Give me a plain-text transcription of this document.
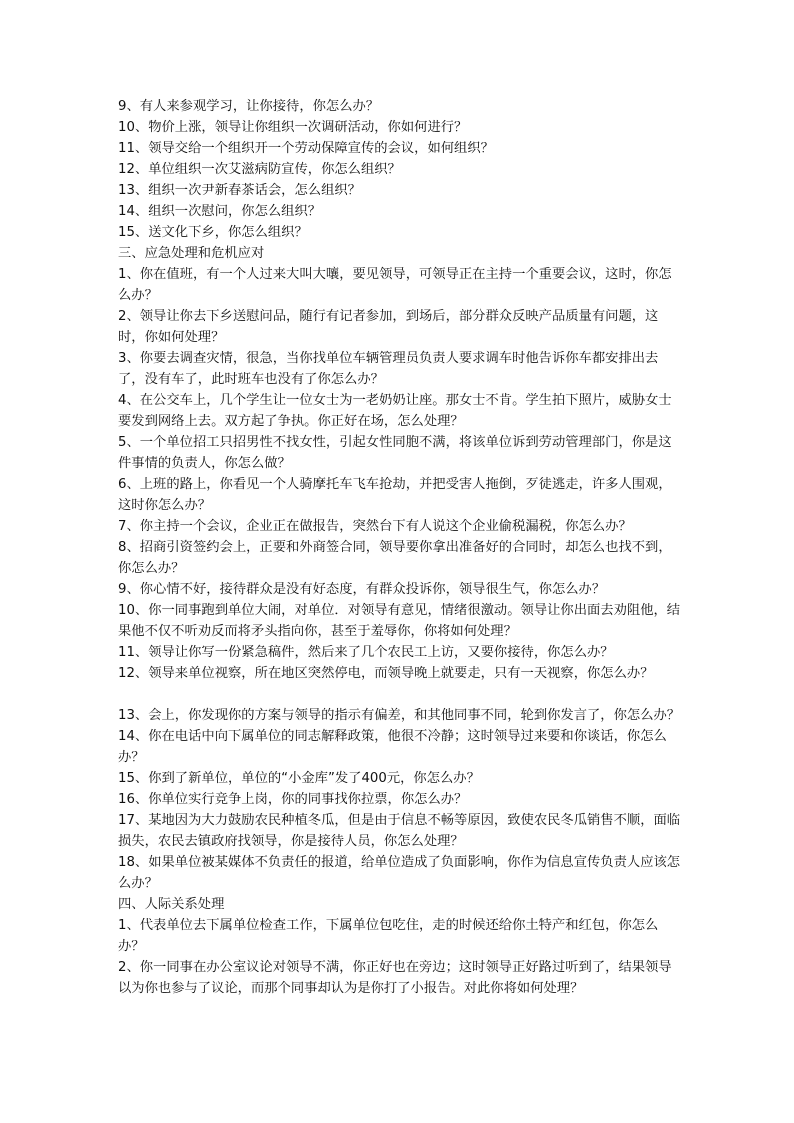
9、有人来参观学习，让你接待，你怎么办？
10、物价上涨，领导让你组织一次调研活动，你如何进行？
11、领导交给一个组织开一个劳动保障宣传的会议，如何组织？
12、单位组织一次艾滋病防宣传，你怎么组织？
13、组织一次尹新春茶话会，怎么组织？
14、组织一次慰问，你怎么组织？
15、送文化下乡，你怎么组织？
三、应急处理和危机应对
1、你在值班，有一个人过来大叫大嚷，要见领导，可领导正在主持一个重要会议，这时，你怎么办？
2、领导让你去下乡送慰问品，随行有记者参加，到场后，部分群众反映产品质量有问题，这时，你如何处理？
3、你要去调查灾情，很急，当你找单位车辆管理员负责人要求调车时他告诉你车都安排出去了，没有车了，此时班车也没有了你怎么办？
4、在公交车上，几个学生让一位女士为一老奶奶让座。那女士不肯。学生拍下照片，威胁女士要发到网络上去。双方起了争执。你正好在场，怎么处理？
5、一个单位招工只招男性不找女性，引起女性同胞不满，将该单位诉到劳动管理部门，你是这件事情的负责人，你怎么做？
6、上班的路上，你看见一个人骑摩托车飞车抢劫，并把受害人拖倒，歹徒逃走，许多人围观，这时你怎么办？
7、你主持一个会议，企业正在做报告，突然台下有人说这个企业偷税漏税，你怎么办？
8、招商引资签约会上，正要和外商签合同，领导要你拿出准备好的合同时，却怎么也找不到，你怎么办？
9、你心情不好，接待群众是没有好态度，有群众投诉你，领导很生气，你怎么办？
10、你一同事跑到单位大闹，对单位．对领导有意见，情绪很激动。领导让你出面去劝阻他，结果他不仅不听劝反而将矛头指向你，甚至于羞辱你，你将如何处理？
11、领导让你写一份紧急稿件，然后来了几个农民工上访，又要你接待，你怎么办？
12、领导来单位视察，所在地区突然停电，而领导晚上就要走，只有一天视察，你怎么办？
13、会上，你发现你的方案与领导的指示有偏差，和其他同事不同，轮到你发言了，你怎么办？
14、你在电话中向下属单位的同志解释政策，他很不冷静；这时领导过来要和你谈话，你怎么办？
15、你到了新单位，单位的“小金库”发了400元，你怎么办？
16、你单位实行竞争上岗，你的同事找你拉票，你怎么办？
17、某地因为大力鼓励农民种植冬瓜，但是由于信息不畅等原因，致使农民冬瓜销售不顺，面临损失，农民去镇政府找领导，你是接待人员，你怎么处理？
18、如果单位被某媒体不负责任的报道，给单位造成了负面影响，你作为信息宣传负责人应该怎么办？
四、人际关系处理
1、代表单位去下属单位检查工作，下属单位包吃住，走的时候还给你土特产和红包，你怎么办？
2、你一同事在办公室议论对领导不满，你正好也在旁边；这时领导正好路过听到了，结果领导以为你也参与了议论，而那个同事却认为是你打了小报告。对此你将如何处理？
